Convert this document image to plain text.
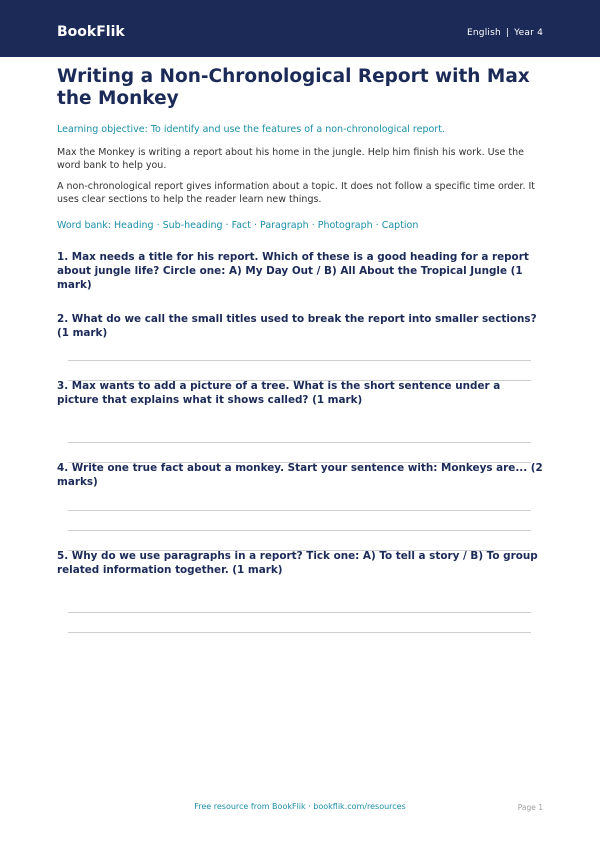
BookFlik	English | Year 4
Writing a Non-Chronological Report with Max the Monkey

Learning objective: To identify and use the features of a non-chronological report.

Max the Monkey is writing a report about his home in the jungle. Help him finish his work. Use the word bank to help you.

A non-chronological report gives information about a topic. It does not follow a specific time order. It uses clear sections to help the reader learn new things.

Word bank: Heading · Sub-heading · Fact · Paragraph · Photograph · Caption

1. Max needs a title for his report. Which of these is a good heading for a report about jungle life? Circle one: A) My Day Out / B) All About the Tropical Jungle (1 mark)

2. What do we call the small titles used to break the report into smaller sections? (1 mark)

3. Max wants to add a picture of a tree. What is the short sentence under a picture that explains what it shows called? (1 mark)

4. Write one true fact about a monkey. Start your sentence with: Monkeys are... (2 marks)

5. Why do we use paragraphs in a report? Tick one: A) To tell a story / B) To group related information together. (1 mark)

Free resource from BookFlik · bookflik.com/resources	Page 1
